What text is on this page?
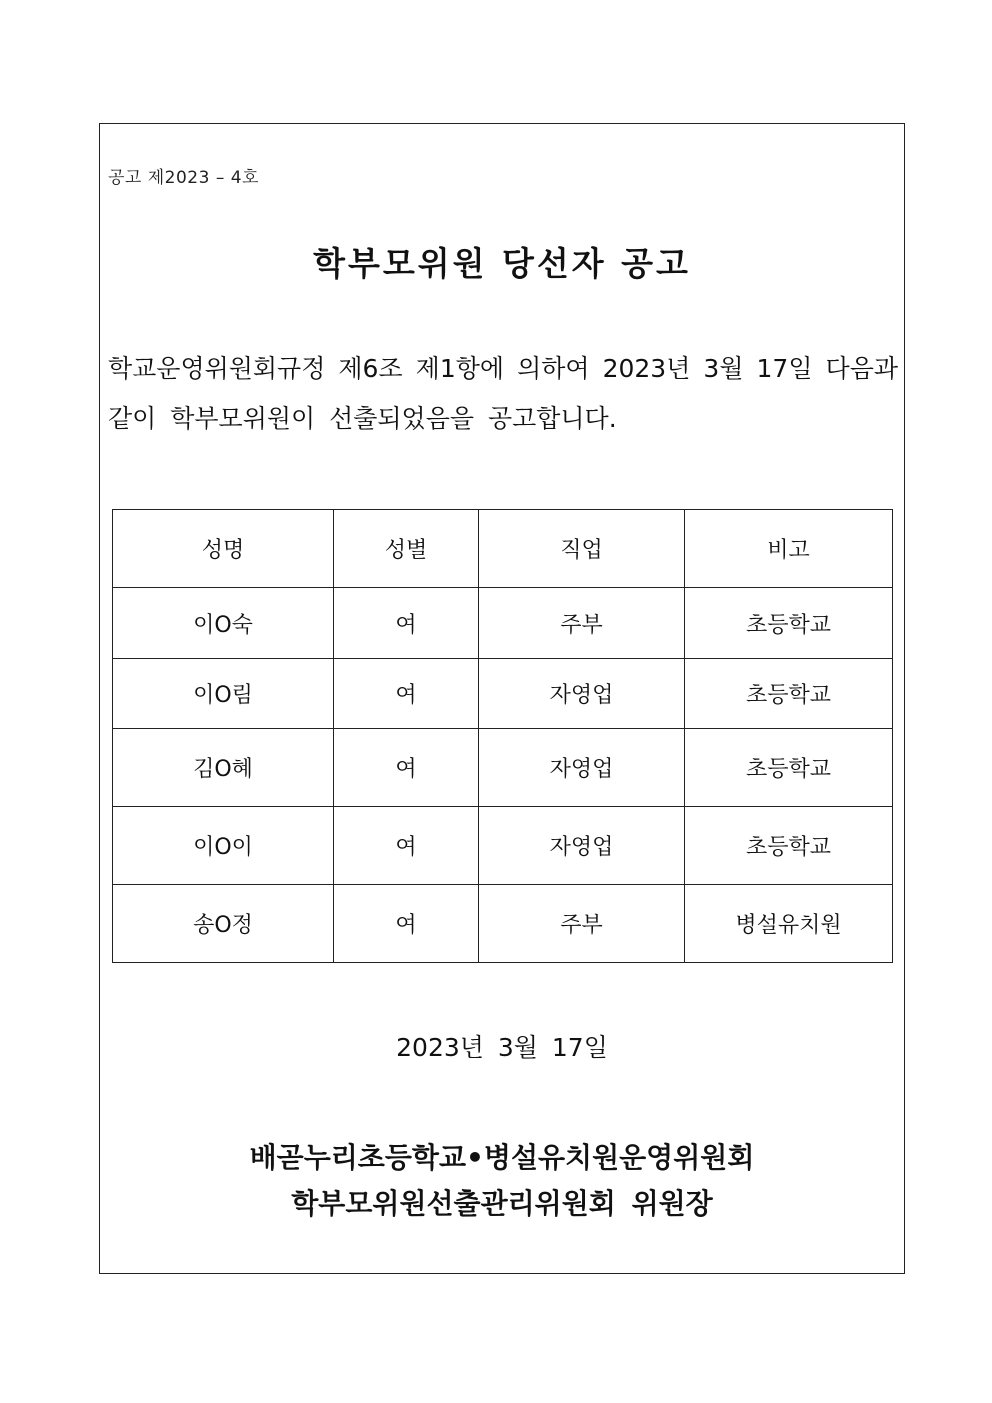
공고 제2023 – 4호
학부모위원 당선자 공고
학교운영위원회규정 제6조 제1항에 의하여 2023년 3월 17일 다음과
같이 학부모위원이 선출되었음을 공고합니다.
성명	성별	직업	비고
이O숙	여	주부	초등학교
이O림	여	자영업	초등학교
김O혜	여	자영업	초등학교
이O이	여	자영업	초등학교
송O정	여	주부	병설유치원
2023년 3월 17일
배곧누리초등학교•병설유치원운영위원회
학부모위원선출관리위원회 위원장
